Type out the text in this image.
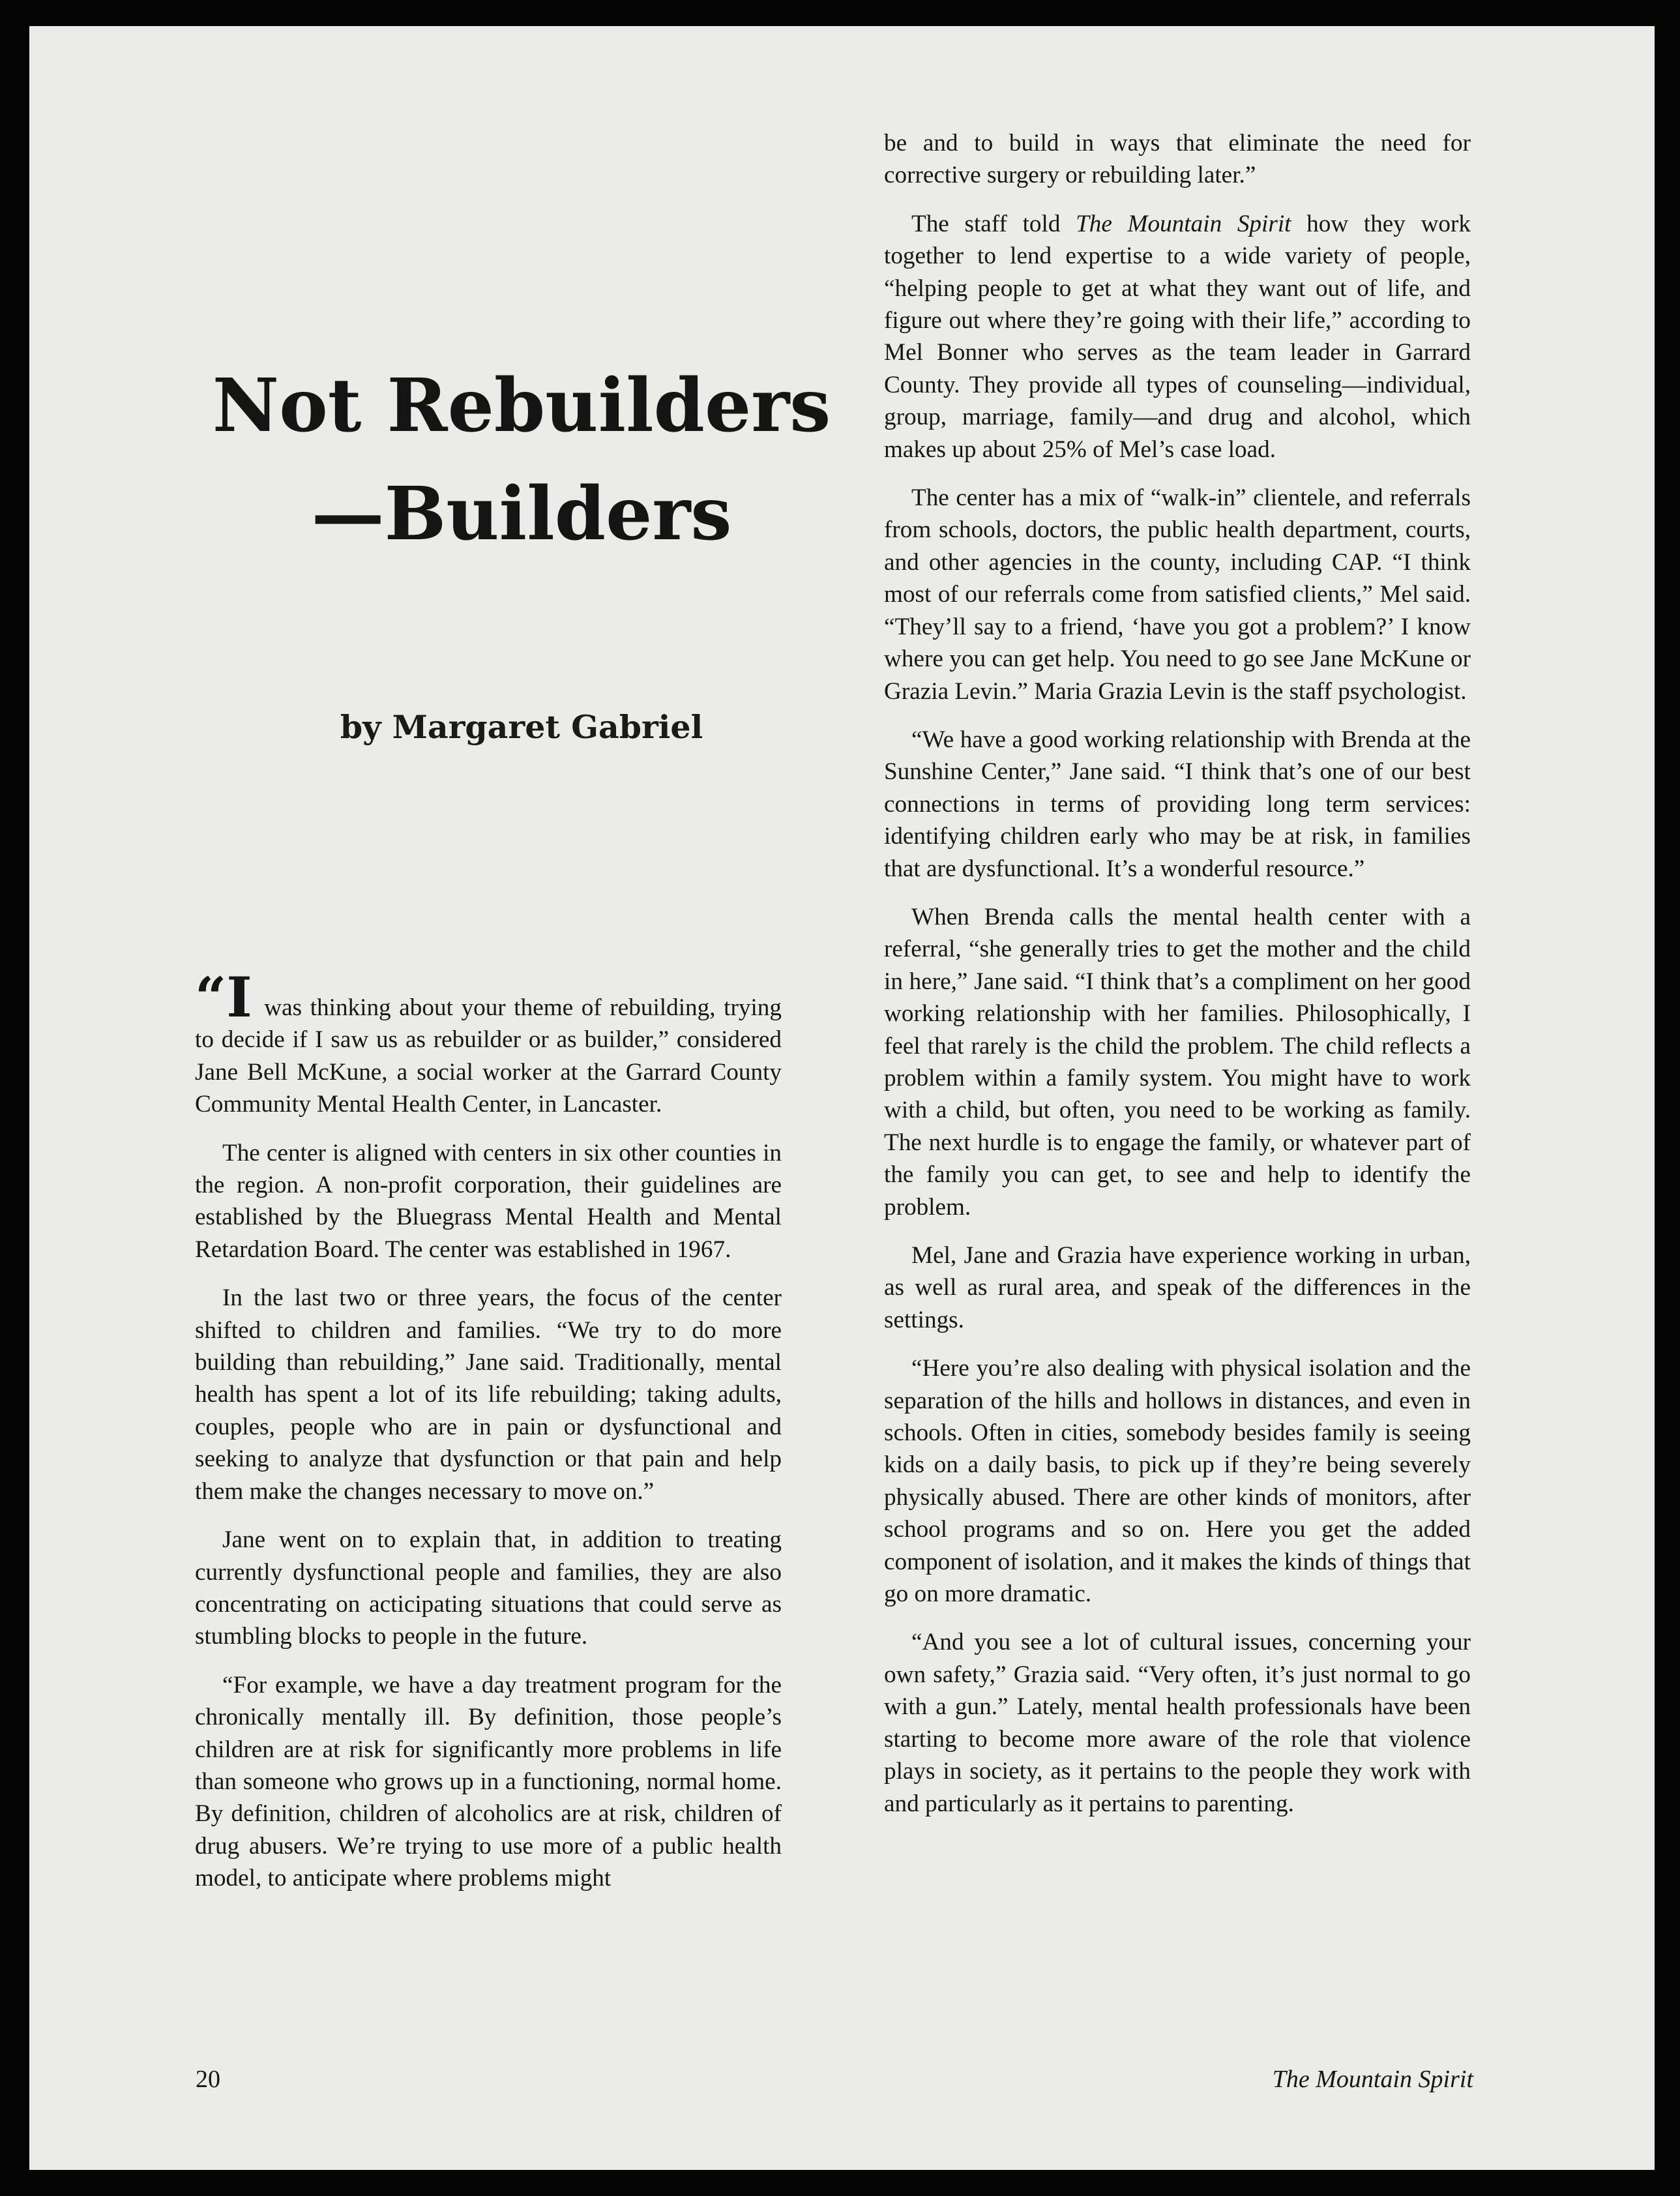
Not Rebuilders
—Builders
by Margaret Gabriel

“I was thinking about your theme of rebuilding, trying to decide if I saw us as rebuilder or as builder,” considered Jane Bell McKune, a social worker at the Garrard County Community Mental Health Center, in Lancaster.

The center is aligned with centers in six other counties in the region. A non-profit corporation, their guidelines are established by the Bluegrass Mental Health and Mental Retardation Board. The center was established in 1967.

In the last two or three years, the focus of the center shifted to children and families. “We try to do more building than rebuilding,” Jane said. Traditionally, mental health has spent a lot of its life rebuilding; taking adults, couples, people who are in pain or dysfunctional and seeking to analyze that dysfunction or that pain and help them make the changes necessary to move on.”

Jane went on to explain that, in addition to treating currently dysfunctional people and families, they are also concentrating on acticipating situations that could serve as stumbling blocks to people in the future.

“For example, we have a day treatment program for the chronically mentally ill. By definition, those people’s children are at risk for significantly more problems in life than someone who grows up in a functioning, normal home. By definition, children of alcoholics are at risk, children of drug abusers. We’re trying to use more of a public health model, to anticipate where problems might

be and to build in ways that eliminate the need for corrective surgery or rebuilding later.”

The staff told The Mountain Spirit how they work together to lend expertise to a wide variety of people, “helping people to get at what they want out of life, and figure out where they’re going with their life,” according to Mel Bonner who serves as the team leader in Garrard County. They provide all types of counseling—individual, group, marriage, family—and drug and alcohol, which makes up about 25% of Mel’s case load.

The center has a mix of “walk-in” clientele, and referrals from schools, doctors, the public health department, courts, and other agencies in the county, including CAP. “I think most of our referrals come from satisfied clients,” Mel said. “They’ll say to a friend, ‘have you got a problem?’ I know where you can get help. You need to go see Jane McKune or Grazia Levin.” Maria Grazia Levin is the staff psychologist.

“We have a good working relationship with Brenda at the Sunshine Center,” Jane said. “I think that’s one of our best connections in terms of providing long term services: identifying children early who may be at risk, in families that are dysfunctional. It’s a wonderful resource.”

When Brenda calls the mental health center with a referral, “she generally tries to get the mother and the child in here,” Jane said. “I think that’s a compliment on her good working relationship with her families. Philosophically, I feel that rarely is the child the problem. The child reflects a problem within a family system. You might have to work with a child, but often, you need to be working as family. The next hurdle is to engage the family, or whatever part of the family you can get, to see and help to identify the problem.

Mel, Jane and Grazia have experience working in urban, as well as rural area, and speak of the differences in the settings.

“Here you’re also dealing with physical isolation and the separation of the hills and hollows in distances, and even in schools. Often in cities, somebody besides family is seeing kids on a daily basis, to pick up if they’re being severely physically abused. There are other kinds of monitors, after school programs and so on. Here you get the added component of isolation, and it makes the kinds of things that go on more dramatic.

“And you see a lot of cultural issues, concerning your own safety,” Grazia said. “Very often, it’s just normal to go with a gun.” Lately, mental health professionals have been starting to become more aware of the role that violence plays in society, as it pertains to the people they work with and particularly as it pertains to parenting.

20	The Mountain Spirit
